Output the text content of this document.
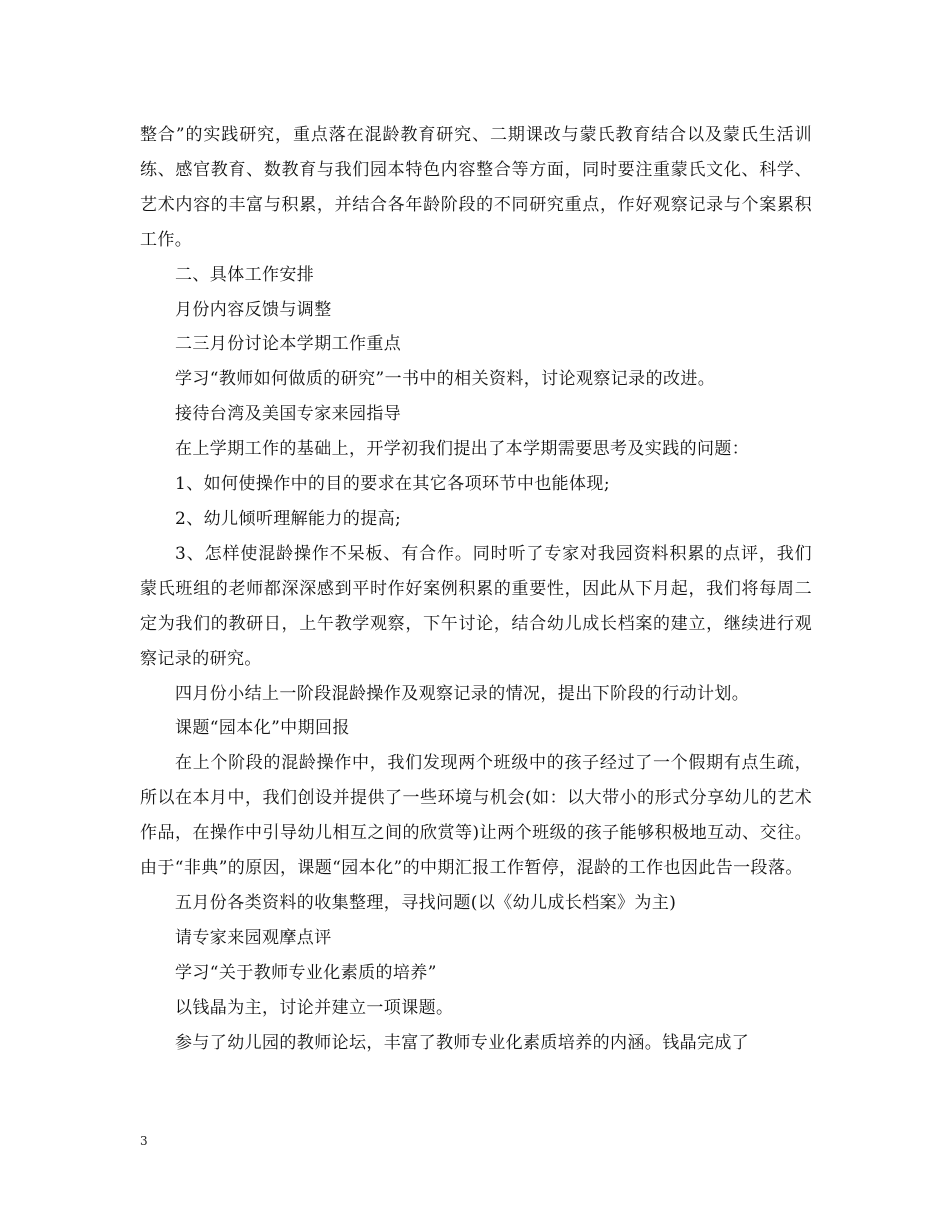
整合”的实践研究，重点落在混龄教育研究、二期课改与蒙氏教育结合以及蒙氏生活训练、感官教育、数教育与我们园本特色内容整合等方面，同时要注重蒙氏文化、科学、艺术内容的丰富与积累，并结合各年龄阶段的不同研究重点，作好观察记录与个案累积工作。

二、具体工作安排

月份内容反馈与调整

二三月份讨论本学期工作重点

学习“教师如何做质的研究”一书中的相关资料，讨论观察记录的改进。

接待台湾及美国专家来园指导

在上学期工作的基础上，开学初我们提出了本学期需要思考及实践的问题：

1、如何使操作中的目的要求在其它各项环节中也能体现;

2、幼儿倾听理解能力的提高;

3、怎样使混龄操作不呆板、有合作。同时听了专家对我园资料积累的点评，我们蒙氏班组的老师都深深感到平时作好案例积累的重要性，因此从下月起，我们将每周二定为我们的教研日，上午教学观察，下午讨论，结合幼儿成长档案的建立，继续进行观察记录的研究。

四月份小结上一阶段混龄操作及观察记录的情况，提出下阶段的行动计划。

课题“园本化”中期回报

在上个阶段的混龄操作中，我们发现两个班级中的孩子经过了一个假期有点生疏，所以在本月中，我们创设并提供了一些环境与机会(如：以大带小的形式分享幼儿的艺术作品，在操作中引导幼儿相互之间的欣赏等)让两个班级的孩子能够积极地互动、交往。由于“非典”的原因，课题“园本化”的中期汇报工作暂停，混龄的工作也因此告一段落。

五月份各类资料的收集整理，寻找问题(以《幼儿成长档案》为主)

请专家来园观摩点评

学习“关于教师专业化素质的培养”

以钱晶为主，讨论并建立一项课题。

参与了幼儿园的教师论坛，丰富了教师专业化素质培养的内涵。钱晶完成了

3
